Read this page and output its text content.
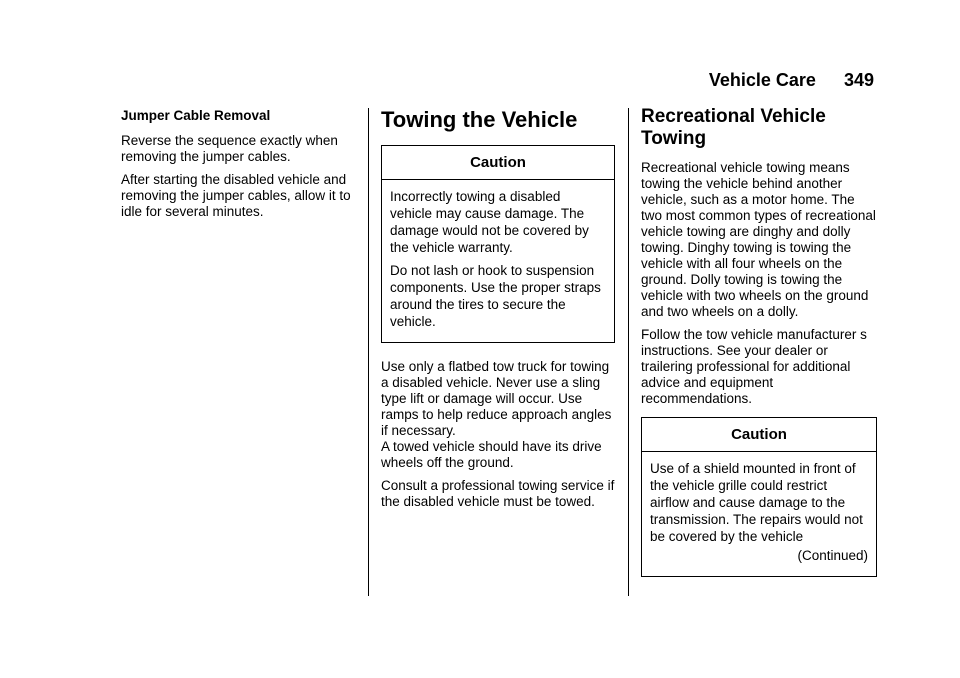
Vehicle Care 349
Jumper Cable Removal

Reverse the sequence exactly when removing the jumper cables.

After starting the disabled vehicle and removing the jumper cables, allow it to idle for several minutes.

Towing the Vehicle
Caution

Incorrectly towing a disabled vehicle may cause damage. The damage would not be covered by the vehicle warranty.

Do not lash or hook to suspension components. Use the proper straps around the tires to secure the vehicle.

Use only a flatbed tow truck for towing a disabled vehicle. Never use a sling type lift or damage will occur. Use ramps to help reduce approach angles if necessary.

A towed vehicle should have its drive wheels off the ground.

Consult a professional towing service if the disabled vehicle must be towed.

Recreational Vehicle Towing

Recreational vehicle towing means towing the vehicle behind another vehicle, such as a motor home. The two most common types of recreational vehicle towing are dinghy and dolly towing. Dinghy towing is towing the vehicle with all four wheels on the ground. Dolly towing is towing the vehicle with two wheels on the ground and two wheels on a dolly.

Follow the tow vehicle manufacturer s instructions. See your dealer or trailering professional for additional advice and equipment recommendations.

Caution

Use of a shield mounted in front of the vehicle grille could restrict airflow and cause damage to the transmission. The repairs would not be covered by the vehicle

(Continued)
